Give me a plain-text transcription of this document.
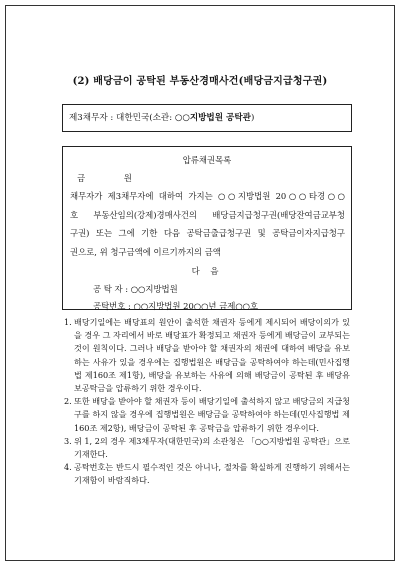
(2) 배당금이 공탁된 부동산경매사건(배당금지급청구권)
제3채무자 : 대한민국(소관: ○○지방법원 공탁관)
압류채권목록
금 원
채무자가 제3채무자에 대하여 가지는 ○○지방법원 20○○타경○○
호 부동산임의(강제)경매사건의 배당금지급청구권(배당잔여금교부청
구권) 또는 그에 기한 다음 공탁금출급청구권 및 공탁금이자지급청구
권으로, 위 청구금액에 이르기까지의 금액
다 음
공 탁 자 : ○○지방법원
공탁번호 : ○○지방법원 20○○년 금제○○호
1. 배당기일에는 배당표의 원안이 출석한 채권자 등에게 제시되어 배당이의가 있을 경우 그 자리에서 바로 배당표가 확정되고 채권자 등에게 배당금이 교부되는 것이 원칙이다. 그러나 배당을 받아야 할 채권자의 채권에 대하여 배당을 유보하는 사유가 있을 경우에는 집행법원은 배당금을 공탁하여야 하는데(민사집행법 제160조 제1항), 배당을 유보하는 사유에 의해 배당금이 공탁된 후 배당유보공탁금을 압류하기 위한 경우이다.
2. 또한 배당을 받아야 할 채권자 등이 배당기일에 출석하지 않고 배당금의 지급청구를 하지 않을 경우에 집행법원은 배당금을 공탁하여야 하는데(민사집행법 제160조 제2항), 배당금이 공탁된 후 공탁금을 압류하기 위한 경우이다.
3. 위 1, 2의 경우 제3채무자(대한민국)의 소관청은 「○○지방법원 공탁관」으로 기재한다.
4. 공탁번호는 반드시 필수적인 것은 아니나, 절차를 확실하게 진행하기 위해서는 기재함이 바람직하다.
